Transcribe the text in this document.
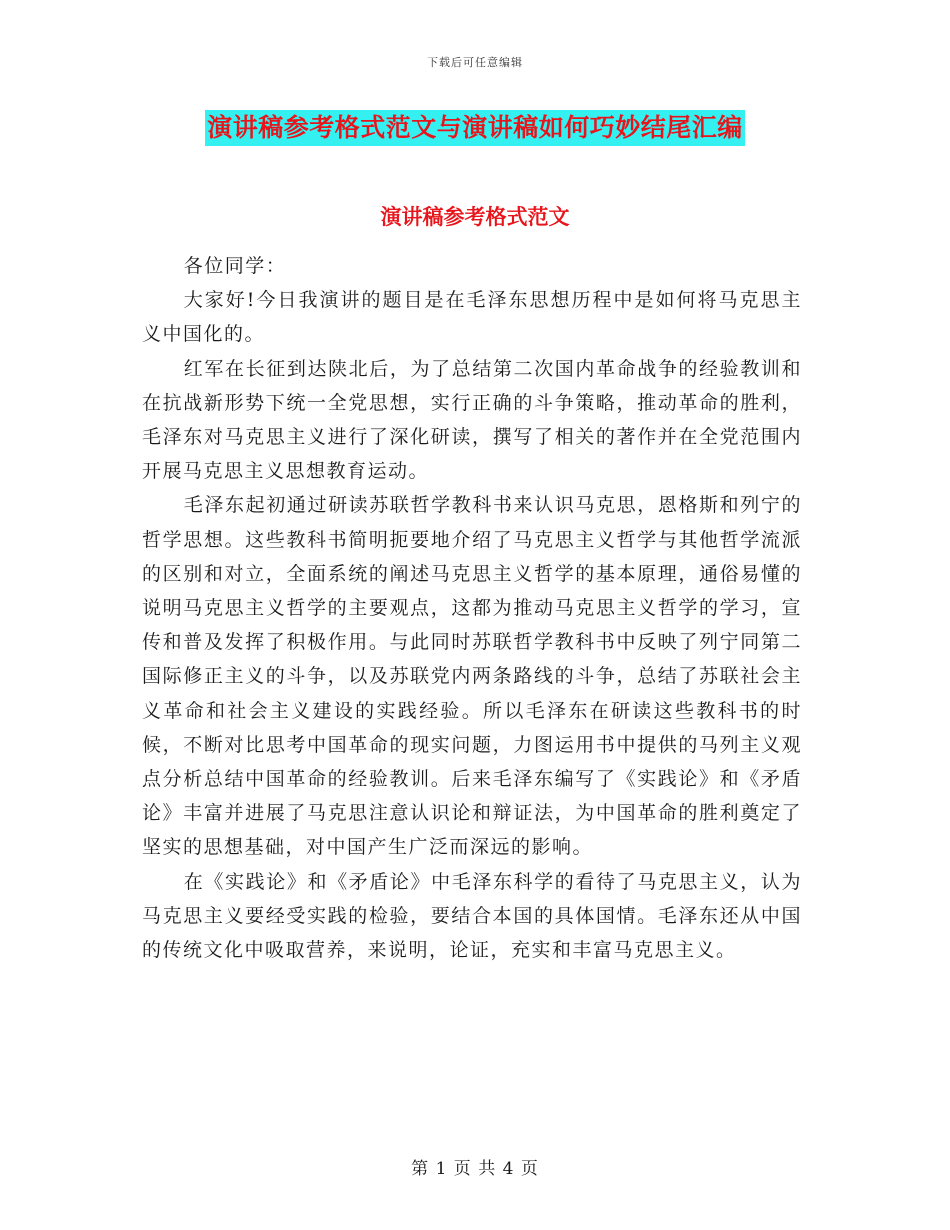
下载后可任意编辑
演讲稿参考格式范文与演讲稿如何巧妙结尾汇编
演讲稿参考格式范文

各位同学：

大家好!今日我演讲的题目是在毛泽东思想历程中是如何将马克思主义中国化的。

红军在长征到达陕北后，为了总结第二次国内革命战争的经验教训和在抗战新形势下统一全党思想，实行正确的斗争策略，推动革命的胜利，毛泽东对马克思主义进行了深化研读，撰写了相关的著作并在全党范围内开展马克思主义思想教育运动。

毛泽东起初通过研读苏联哲学教科书来认识马克思，恩格斯和列宁的哲学思想。这些教科书简明扼要地介绍了马克思主义哲学与其他哲学流派的区别和对立，全面系统的阐述马克思主义哲学的基本原理，通俗易懂的说明马克思主义哲学的主要观点，这都为推动马克思主义哲学的学习，宣传和普及发挥了积极作用。与此同时苏联哲学教科书中反映了列宁同第二国际修正主义的斗争，以及苏联党内两条路线的斗争，总结了苏联社会主义革命和社会主义建设的实践经验。所以毛泽东在研读这些教科书的时候，不断对比思考中国革命的现实问题，力图运用书中提供的马列主义观点分析总结中国革命的经验教训。后来毛泽东编写了《实践论》和《矛盾论》丰富并进展了马克思注意认识论和辩证法，为中国革命的胜利奠定了坚实的思想基础，对中国产生广泛而深远的影响。

在《实践论》和《矛盾论》中毛泽东科学的看待了马克思主义，认为马克思主义要经受实践的检验，要结合本国的具体国情。毛泽东还从中国的传统文化中吸取营养，来说明，论证，充实和丰富马克思主义。

第 1 页 共 4 页
